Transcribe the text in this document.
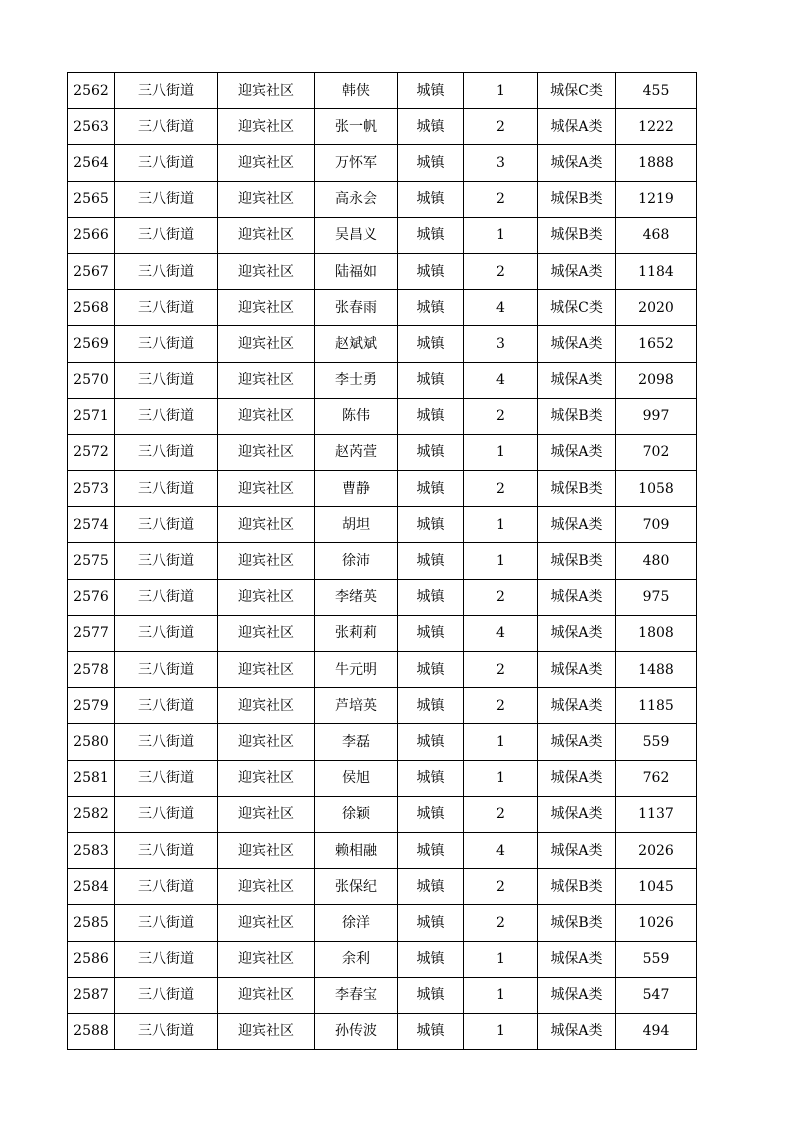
2562	三八街道	迎宾社区	韩侠	城镇	1	城保C类	455
2563	三八街道	迎宾社区	张一帆	城镇	2	城保A类	1222
2564	三八街道	迎宾社区	万怀军	城镇	3	城保A类	1888
2565	三八街道	迎宾社区	高永会	城镇	2	城保B类	1219
2566	三八街道	迎宾社区	吴昌义	城镇	1	城保B类	468
2567	三八街道	迎宾社区	陆福如	城镇	2	城保A类	1184
2568	三八街道	迎宾社区	张春雨	城镇	4	城保C类	2020
2569	三八街道	迎宾社区	赵斌斌	城镇	3	城保A类	1652
2570	三八街道	迎宾社区	李士勇	城镇	4	城保A类	2098
2571	三八街道	迎宾社区	陈伟	城镇	2	城保B类	997
2572	三八街道	迎宾社区	赵芮萱	城镇	1	城保A类	702
2573	三八街道	迎宾社区	曹静	城镇	2	城保B类	1058
2574	三八街道	迎宾社区	胡坦	城镇	1	城保A类	709
2575	三八街道	迎宾社区	徐沛	城镇	1	城保B类	480
2576	三八街道	迎宾社区	李绪英	城镇	2	城保A类	975
2577	三八街道	迎宾社区	张莉莉	城镇	4	城保A类	1808
2578	三八街道	迎宾社区	牛元明	城镇	2	城保A类	1488
2579	三八街道	迎宾社区	芦培英	城镇	2	城保A类	1185
2580	三八街道	迎宾社区	李磊	城镇	1	城保A类	559
2581	三八街道	迎宾社区	侯旭	城镇	1	城保A类	762
2582	三八街道	迎宾社区	徐颖	城镇	2	城保A类	1137
2583	三八街道	迎宾社区	赖相融	城镇	4	城保A类	2026
2584	三八街道	迎宾社区	张保纪	城镇	2	城保B类	1045
2585	三八街道	迎宾社区	徐洋	城镇	2	城保B类	1026
2586	三八街道	迎宾社区	余利	城镇	1	城保A类	559
2587	三八街道	迎宾社区	李春宝	城镇	1	城保A类	547
2588	三八街道	迎宾社区	孙传波	城镇	1	城保A类	494
